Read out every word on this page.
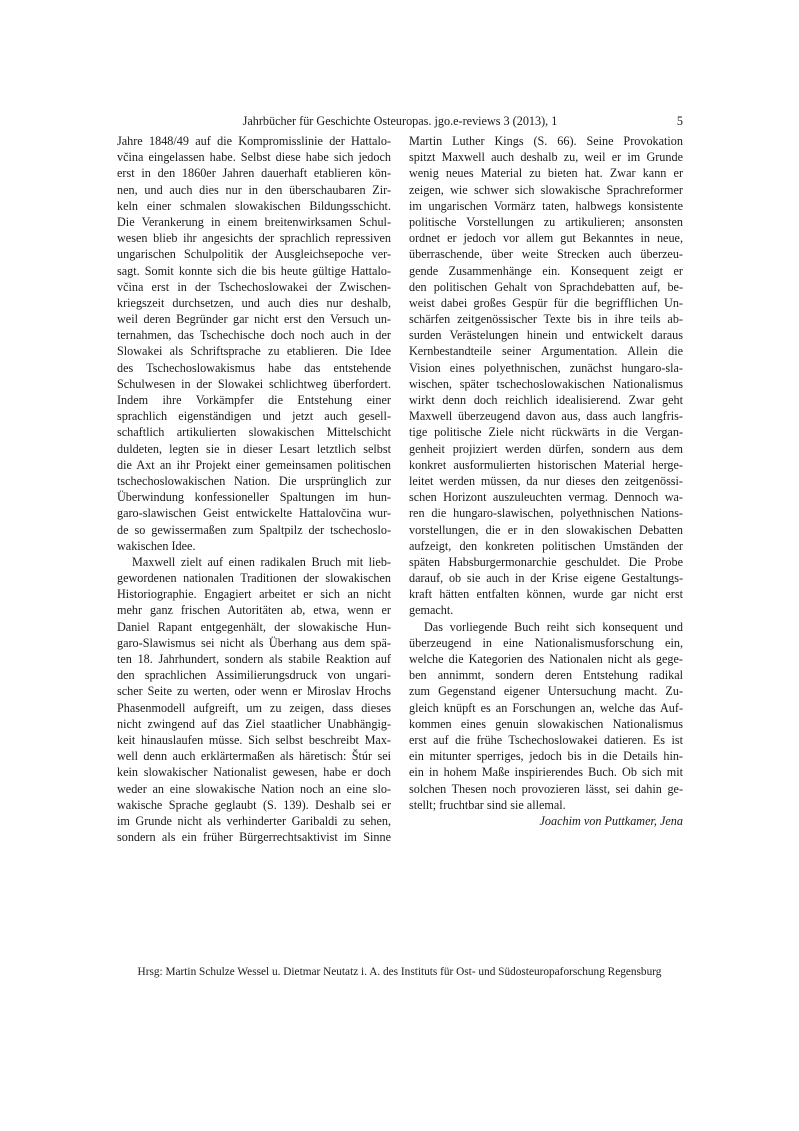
Jahrbücher für Geschichte Osteuropas. jgo.e-reviews 3 (2013), 1	5
Jahre 1848/49 auf die Kompromisslinie der Hattalo-
včina eingelassen habe. Selbst diese habe sich jedoch
erst in den 1860er Jahren dauerhaft etablieren kön-
nen, und auch dies nur in den überschaubaren Zir-
keln einer schmalen slowakischen Bildungsschicht.
Die Verankerung in einem breitenwirksamen Schul-
wesen blieb ihr angesichts der sprachlich repressiven
ungarischen Schulpolitik der Ausgleichsepoche ver-
sagt. Somit konnte sich die bis heute gültige Hattalo-
včina erst in der Tschechoslowakei der Zwischen-
kriegszeit durchsetzen, und auch dies nur deshalb,
weil deren Begründer gar nicht erst den Versuch un-
ternahmen, das Tschechische doch noch auch in der
Slowakei als Schriftsprache zu etablieren. Die Idee
des Tschechoslowakismus habe das entstehende
Schulwesen in der Slowakei schlichtweg überfordert.
Indem ihre Vorkämpfer die Entstehung einer
sprachlich eigenständigen und jetzt auch gesell-
schaftlich artikulierten slowakischen Mittelschicht
duldeten, legten sie in dieser Lesart letztlich selbst
die Axt an ihr Projekt einer gemeinsamen politischen
tschechoslowakischen Nation. Die ursprünglich zur
Überwindung konfessioneller Spaltungen im hun-
garo-slawischen Geist entwickelte Hattalovčina wur-
de so gewissermaßen zum Spaltpilz der tschechoslo-
wakischen Idee.
Maxwell zielt auf einen radikalen Bruch mit lieb-
gewordenen nationalen Traditionen der slowakischen
Historiographie. Engagiert arbeitet er sich an nicht
mehr ganz frischen Autoritäten ab, etwa, wenn er
Daniel Rapant entgegenhält, der slowakische Hun-
garo-Slawismus sei nicht als Überhang aus dem spä-
ten 18. Jahrhundert, sondern als stabile Reaktion auf
den sprachlichen Assimilierungsdruck von ungari-
scher Seite zu werten, oder wenn er Miroslav Hrochs
Phasenmodell aufgreift, um zu zeigen, dass dieses
nicht zwingend auf das Ziel staatlicher Unabhängig-
keit hinauslaufen müsse. Sich selbst beschreibt Max-
well denn auch erklärtermaßen als häretisch: Štúr sei
kein slowakischer Nationalist gewesen, habe er doch
weder an eine slowakische Nation noch an eine slo-
wakische Sprache geglaubt (S. 139). Deshalb sei er
im Grunde nicht als verhinderter Garibaldi zu sehen,
sondern als ein früher Bürgerrechtsaktivist im Sinne
Martin Luther Kings (S. 66). Seine Provokation
spitzt Maxwell auch deshalb zu, weil er im Grunde
wenig neues Material zu bieten hat. Zwar kann er
zeigen, wie schwer sich slowakische Sprachreformer
im ungarischen Vormärz taten, halbwegs konsistente
politische Vorstellungen zu artikulieren; ansonsten
ordnet er jedoch vor allem gut Bekanntes in neue,
überraschende, über weite Strecken auch überzeu-
gende Zusammenhänge ein. Konsequent zeigt er
den politischen Gehalt von Sprachdebatten auf, be-
weist dabei großes Gespür für die begrifflichen Un-
schärfen zeitgenössischer Texte bis in ihre teils ab-
surden Verästelungen hinein und entwickelt daraus
Kernbestandteile seiner Argumentation. Allein die
Vision eines polyethnischen, zunächst hungaro-sla-
wischen, später tschechoslowakischen Nationalismus
wirkt denn doch reichlich idealisierend. Zwar geht
Maxwell überzeugend davon aus, dass auch langfris-
tige politische Ziele nicht rückwärts in die Vergan-
genheit projiziert werden dürfen, sondern aus dem
konkret ausformulierten historischen Material herge-
leitet werden müssen, da nur dieses den zeitgenössi-
schen Horizont auszuleuchten vermag. Dennoch wa-
ren die hungaro-slawischen, polyethnischen Nations-
vorstellungen, die er in den slowakischen Debatten
aufzeigt, den konkreten politischen Umständen der
späten Habsburgermonarchie geschuldet. Die Probe
darauf, ob sie auch in der Krise eigene Gestaltungs-
kraft hätten entfalten können, wurde gar nicht erst
gemacht.
Das vorliegende Buch reiht sich konsequent und
überzeugend in eine Nationalismusforschung ein,
welche die Kategorien des Nationalen nicht als gege-
ben annimmt, sondern deren Entstehung radikal
zum Gegenstand eigener Untersuchung macht. Zu-
gleich knüpft es an Forschungen an, welche das Auf-
kommen eines genuin slowakischen Nationalismus
erst auf die frühe Tschechoslowakei datieren. Es ist
ein mitunter sperriges, jedoch bis in die Details hin-
ein in hohem Maße inspirierendes Buch. Ob sich mit
solchen Thesen noch provozieren lässt, sei dahin ge-
stellt; fruchtbar sind sie allemal.
Joachim von Puttkamer, Jena
Hrsg: Martin Schulze Wessel u. Dietmar Neutatz i. A. des Instituts für Ost- und Südosteuropaforschung Regensburg
